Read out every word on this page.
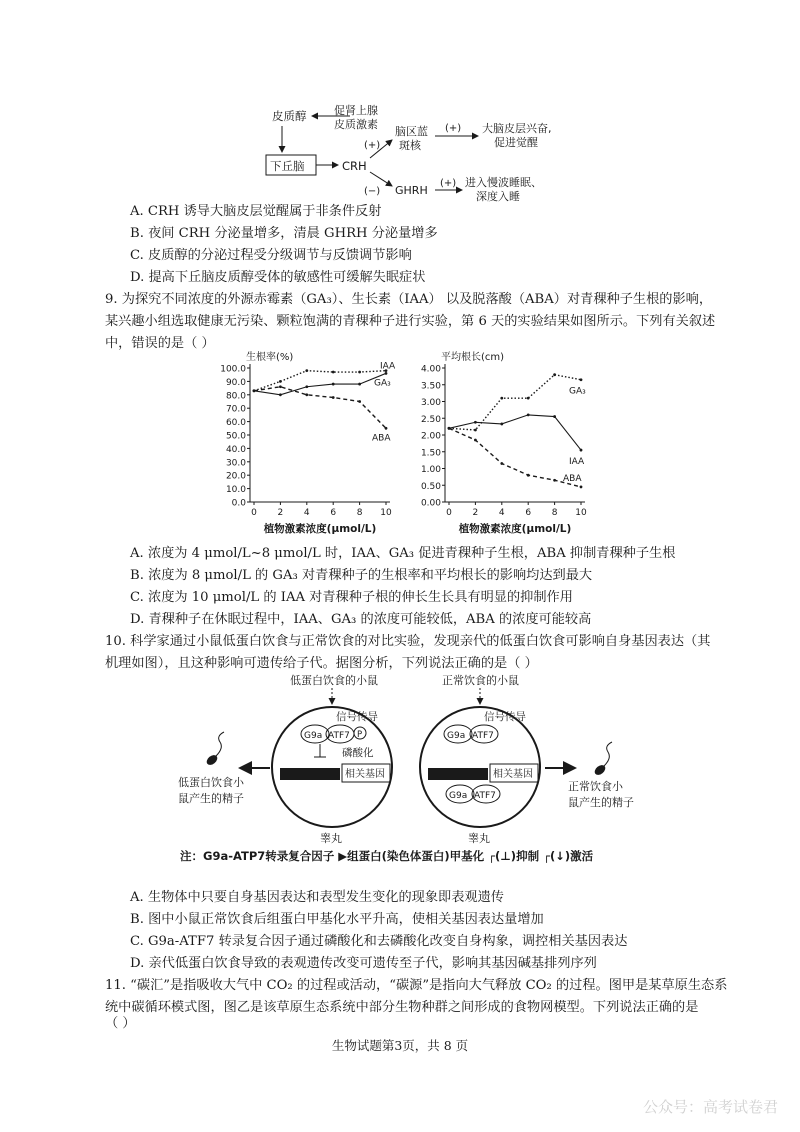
皮质醇	促肾上腺
皮质激素
下丘脑	CRH
(+)
脑区蓝
斑核
(+) 大脑皮层兴奋,
促进觉醒
(−) GHRH
(+) 进入慢波睡眠、
深度入睡
A. CRH 诱导大脑皮层觉醒属于非条件反射
B. 夜间 CRH 分泌量增多，清晨 GHRH 分泌量增多
C. 皮质醇的分泌过程受分级调节与反馈调节影响
D. 提高下丘脑皮质醇受体的敏感性可缓解失眠症状
9. 为探究不同浓度的外源赤霉素（GA₃）、生长素（IAA） 以及脱落酸（ABA）对青稞种子生根的影响，
某兴趣小组选取健康无污染、颗粒饱满的青稞种子进行实验，第 6 天的实验结果如图所示。下列有关叙述
中，错误的是（ ）
0.0
10.0
20.0
30.0
40.0
50.0
60.0
70.0
80.0
90.0
100.0
0 2 4 6 8 10
生根率(%)
植物激素浓度(μmol/L)
IAA
GA₃
ABA
0.00
0.50
1.00
1.50
2.00
2.50
3.00
3.50
4.00
0 2 4 6 8 10
平均根长(cm)
植物激素浓度(μmol/L)
GA₃
IAA
ABA
A. 浓度为 4 μmol/L~8 μmol/L 时，IAA、GA₃ 促进青稞种子生根，ABA 抑制青稞种子生根
B. 浓度为 8 μmol/L 的 GA₃ 对青稞种子的生根率和平均根长的影响均达到最大
C. 浓度为 10 μmol/L 的 IAA 对青稞种子根的伸长生长具有明显的抑制作用
D. 青稞种子在休眠过程中，IAA、GA₃ 的浓度可能较低，ABA 的浓度可能较高
10. 科学家通过小鼠低蛋白饮食与正常饮食的对比实验，发现亲代的低蛋白饮食可影响自身基因表达（其
机理如图），且这种影响可遗传给子代。据图分析，下列说法正确的是（ ）
低蛋白饮食的小鼠
信号传导
G9a ATF7 P
磷酸化
相关基因
睾丸
低蛋白饮食小
鼠产生的精子
正常饮食的小鼠
信号传导
G9a ATF7
相关基因
G9a ATF7
睾丸
正常饮食小
鼠产生的精子
注：G9a-ATP7转录复合因子 ▶组蛋白(染色体蛋白)甲基化 ┌(⊥)抑制 ┌(↓)激活
A. 生物体中只要自身基因表达和表型发生变化的现象即表观遗传
B. 图中小鼠正常饮食后组蛋白甲基化水平升高，使相关基因表达量增加
C. G9a-ATF7 转录复合因子通过磷酸化和去磷酸化改变自身构象，调控相关基因表达
D. 亲代低蛋白饮食导致的表观遗传改变可遗传至子代，影响其基因碱基排列序列
11. “碳汇”是指吸收大气中 CO₂ 的过程或活动，“碳源”是指向大气释放 CO₂ 的过程。图甲是某草原生态系
统中碳循环模式图，图乙是该草原生态系统中部分生物种群之间形成的食物网模型。下列说法正确的是
（ ）
生物试题第3页，共 8 页
公众号：高考试卷君
